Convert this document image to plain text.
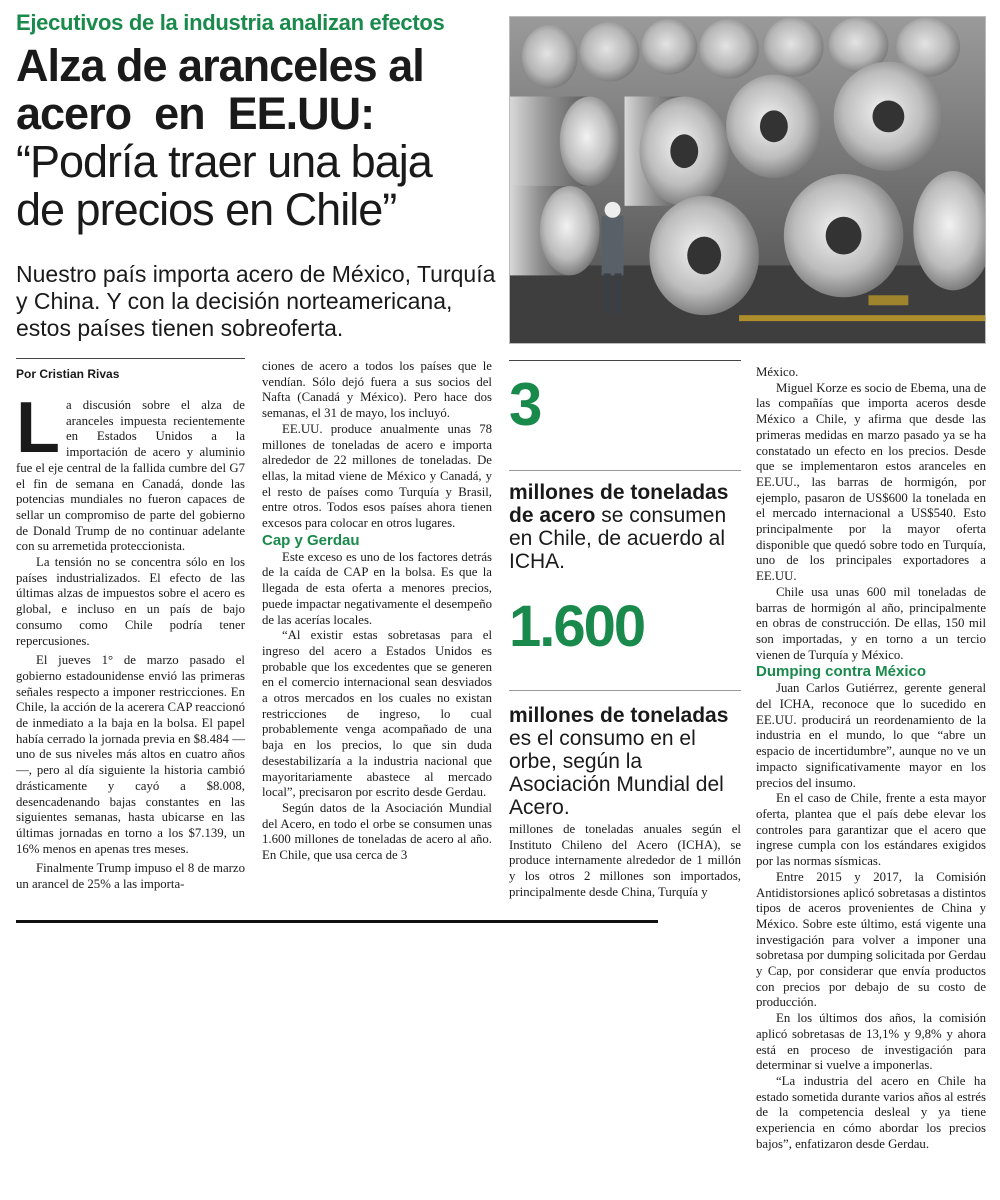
Ejecutivos de la industria analizan efectos
Alza de aranceles al
acero  en  EE.UU:
“Podría traer una baja
de precios en Chile”
Nuestro país importa acero de México, Turquía y China. Y con la decisión norteamericana, estos países tienen sobreoferta.
Por Cristian Rivas

La discusión sobre el alza de aranceles impuesta recientemente en Estados Unidos a la importación de acero y aluminio fue el eje central de la fallida cumbre del G7 el fin de semana en Canadá, donde las potencias mundiales no fueron capaces de sellar un compromiso de parte del gobierno de Donald Trump de no continuar adelante con su arremetida proteccionista.

La tensión no se concentra sólo en los países industrializados. El efecto de las últimas alzas de impuestos sobre el acero es global, e incluso en un país de bajo consumo como Chile podría tener repercusiones.

El jueves 1° de marzo pasado el gobierno estadounidense envió las primeras señales respecto a imponer restricciones. En Chile, la acción de la acerera CAP reaccionó de inmediato a la baja en la bolsa. El papel había cerrado la jornada previa en $8.484 —uno de sus niveles más altos en cuatro años—, pero al día siguiente la historia cambió drásticamente y cayó a $8.008, desencadenando bajas constantes en las siguientes semanas, hasta ubicarse en las últimas jornadas en torno a los $7.139, un 16% menos en apenas tres meses.

Finalmente Trump impuso el 8 de marzo un arancel de 25% a las importa-

ciones de acero a todos los países que le vendían. Sólo dejó fuera a sus socios del Nafta (Canadá y México). Pero hace dos semanas, el 31 de mayo, los incluyó.

EE.UU. produce anualmente unas 78 millones de toneladas de acero e importa alrededor de 22 millones de toneladas. De ellas, la mitad viene de México y Canadá, y el resto de países como Turquía y Brasil, entre otros. Todos esos países ahora tienen excesos para colocar en otros lugares.

Cap y Gerdau

Este exceso es uno de los factores detrás de la caída de CAP en la bolsa. Es que la llegada de esta oferta a menores precios, puede impactar negativamente el desempeño de las acerías locales.

“Al existir estas sobretasas para el ingreso del acero a Estados Unidos es probable que los excedentes que se generen en el comercio internacional sean desviados a otros mercados en los cuales no existan restricciones de ingreso, lo cual probablemente venga acompañado de una baja en los precios, lo que sin duda desestabilizaría a la industria nacional que mayoritariamente abastece al mercado local”, precisaron por escrito desde Gerdau.

Según datos de la Asociación Mundial del Acero, en todo el orbe se consumen unas 1.600 millones de toneladas de acero al año. En Chile, que usa cerca de 3

3
millones de toneladas de acero se consumen en Chile, de acuerdo al ICHA.
1.600
millones de toneladas es el consumo en el orbe, según la Asociación Mundial del Acero.

millones de toneladas anuales según el Instituto Chileno del Acero (ICHA), se produce internamente alrededor de 1 millón y los otros 2 millones son importados, principalmente desde China, Turquía y

México.

Miguel Korze es socio de Ebema, una de las compañías que importa aceros desde México a Chile, y afirma que desde las primeras medidas en marzo pasado ya se ha constatado un efecto en los precios. Desde que se implementaron estos aranceles en EE.UU., las barras de hormigón, por ejemplo, pasaron de US$600 la tonelada en el mercado internacional a US$540. Esto principalmente por la mayor oferta disponible que quedó sobre todo en Turquía, uno de los principales exportadores a EE.UU.

Chile usa unas 600 mil toneladas de barras de hormigón al año, principalmente en obras de construcción. De ellas, 150 mil son importadas, y en torno a un tercio vienen de Turquía y México.

Dumping contra México

Juan Carlos Gutiérrez, gerente general del ICHA, reconoce que lo sucedido en EE.UU. producirá un reordenamiento de la industria en el mundo, lo que “abre un espacio de incertidumbre”, aunque no ve un impacto significativamente mayor en los precios del insumo.

En el caso de Chile, frente a esta mayor oferta, plantea que el país debe elevar los controles para garantizar que el acero que ingrese cumpla con los estándares exigidos por las normas sísmicas.

Entre 2015 y 2017, la Comisión Antidistorsiones aplicó sobretasas a distintos tipos de aceros provenientes de China y México. Sobre este último, está vigente una investigación para volver a imponer una sobretasa por dumping solicitada por Gerdau y Cap, por considerar que envía productos con precios por debajo de su costo de producción.

En los últimos dos años, la comisión aplicó sobretasas de 13,1% y 9,8% y ahora está en proceso de investigación para determinar si vuelve a imponerlas.

“La industria del acero en Chile ha estado sometida durante varios años al estrés de la competencia desleal y ya tiene experiencia en cómo abordar los precios bajos”, enfatizaron desde Gerdau.
